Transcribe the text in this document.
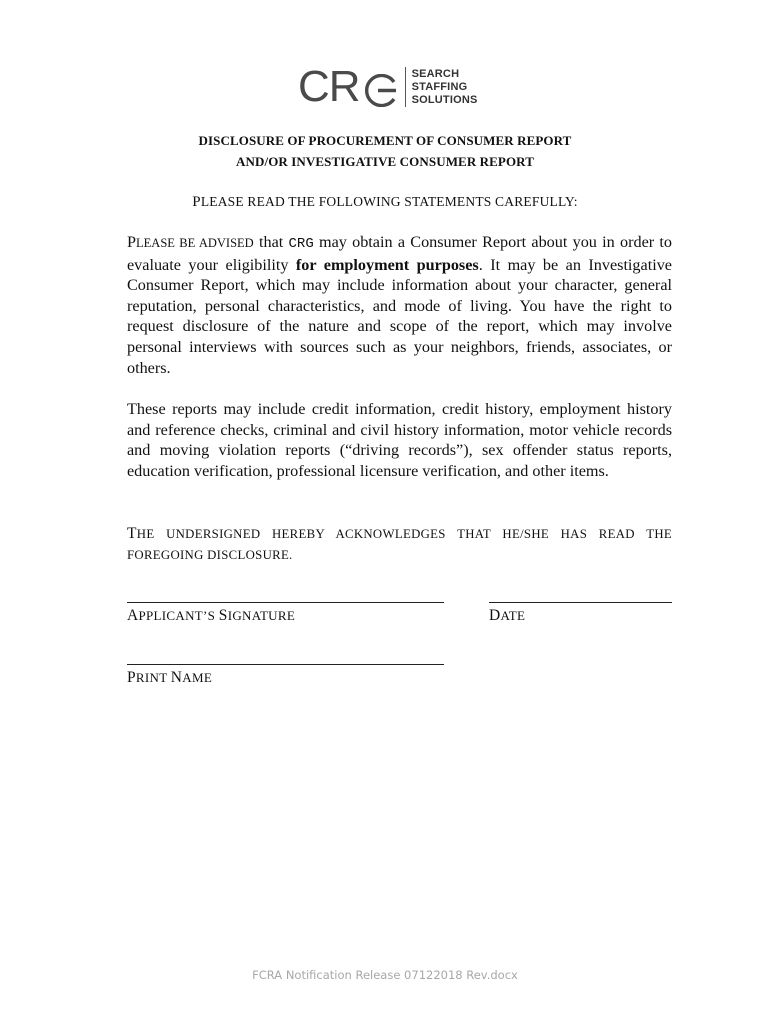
CR	SEARCH
STAFFING
SOLUTIONS
DISCLOSURE OF PROCUREMENT OF CONSUMER REPORT
AND/OR INVESTIGATIVE CONSUMER REPORT
PLEASE READ THE FOLLOWING STATEMENTS CAREFULLY:
PLEASE BE ADVISED that CRG may obtain a Consumer Report about you in order to evaluate your eligibility for employment purposes. It may be an Investigative Consumer Report, which may include information about your character, general reputation, personal characteristics, and mode of living. You have the right to request disclosure of the nature and scope of the report, which may involve personal interviews with sources such as your neighbors, friends, associates, or others.
These reports may include credit information, credit history, employment history and reference checks, criminal and civil history information, motor vehicle records and moving violation reports (“driving records”), sex offender status reports, education verification, professional licensure verification, and other items.
THE UNDERSIGNED HEREBY ACKNOWLEDGES THAT HE/SHE HAS READ THE FOREGOING DISCLOSURE.
APPLICANT’S SIGNATURE	DATE
PRINT NAME
FCRA Notification Release 07122018 Rev.docx
